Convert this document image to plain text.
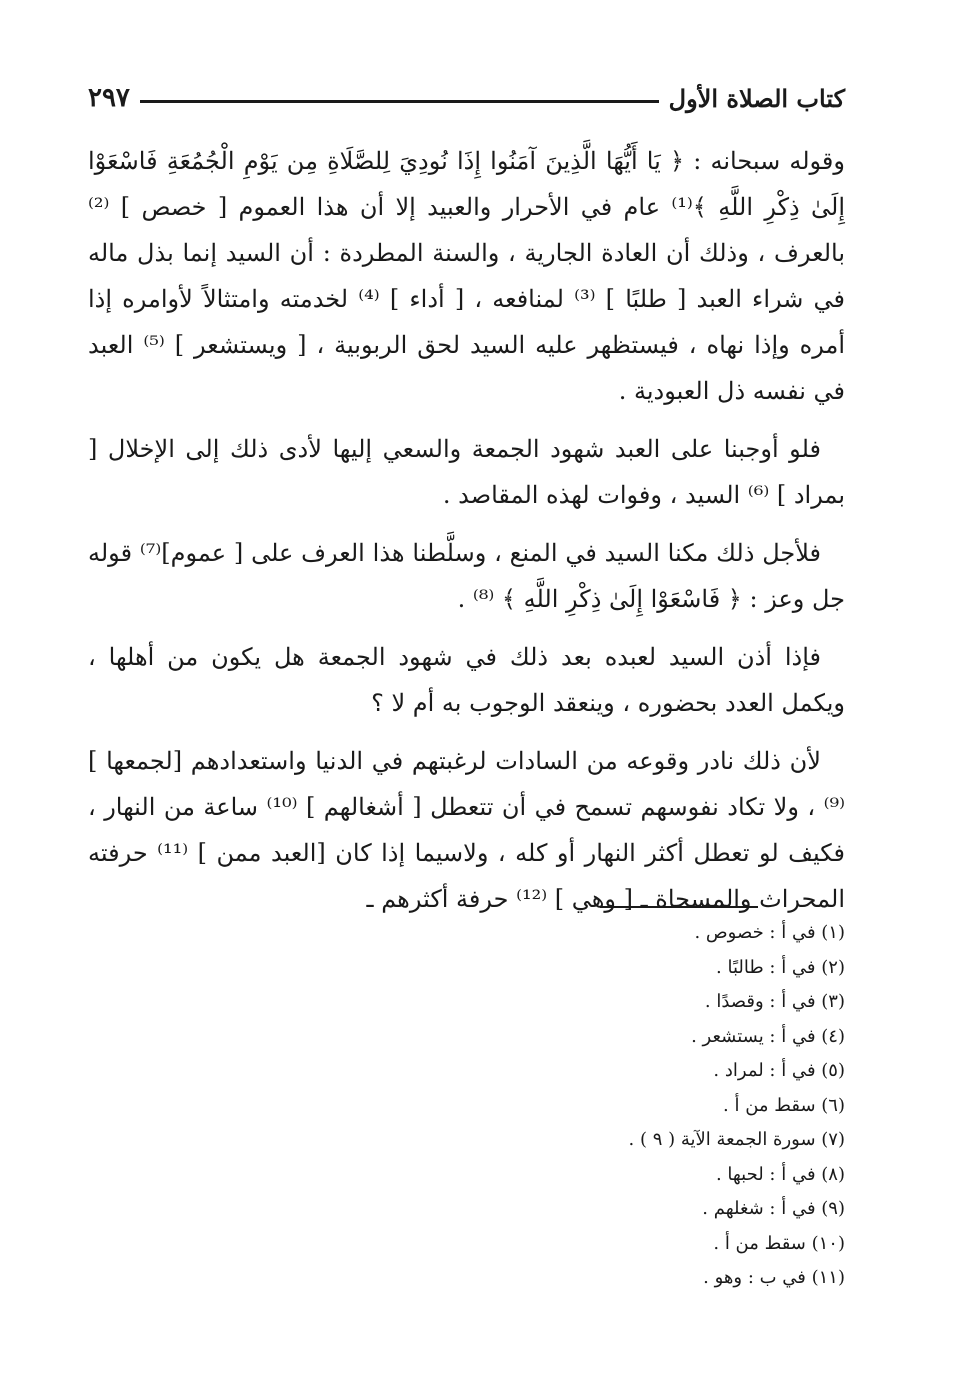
كتاب الصلاة الأول
٢٩٧

وقوله سبحانه : ﴿ يَا أَيُّهَا الَّذِينَ آمَنُوا إِذَا نُودِيَ لِلصَّلَاةِ مِن يَوْمِ الْجُمُعَةِ فَاسْعَوْا إِلَىٰ ذِكْرِ اللَّهِ ﴾⁽¹⁾ عام في الأحرار والعبيد إلا أن هذا العموم [ خصص ] ⁽²⁾ بالعرف ، وذلك أن العادة الجارية ، والسنة المطردة : أن السيد إنما بذل ماله في شراء العبد [ طلبًا ] ⁽³⁾ لمنافعه ، [ أداء ] ⁽⁴⁾ لخدمته وامتثالاً لأوامره إذا أمره وإذا نهاه ، فيستظهر عليه السيد لحق الربوبية ، [ ويستشعر ] ⁽⁵⁾ العبد في نفسه ذل العبودية .

فلو أوجبنا على العبد شهود الجمعة والسعي إليها لأدى ذلك إلى الإخلال [ بمراد ] ⁽⁶⁾ السيد ، وفوات لهذه المقاصد .

فلأجل ذلك مكنا السيد في المنع ، وسلَّطنا هذا العرف على [ عموم]⁽⁷⁾ قوله جل وعز : ﴿ فَاسْعَوْا إِلَىٰ ذِكْرِ اللَّهِ ﴾ ⁽⁸⁾ .

فإذا أذن السيد لعبده بعد ذلك في شهود الجمعة هل يكون من أهلها ، ويكمل العدد بحضوره ، وينعقد الوجوب به أم لا ؟

لأن ذلك نادر وقوعه من السادات لرغبتهم في الدنيا واستعدادهم [لجمعها ] ⁽⁹⁾ ، ولا تكاد نفوسهم تسمح في أن تتعطل [ أشغالهم ] ⁽¹⁰⁾ ساعة من النهار ، فكيف لو تعطل أكثر النهار أو كله ، ولاسيما إذا كان [العبد ممن ] ⁽¹¹⁾ حرفته المحراث والمسحاة ـ [ وهي ] ⁽¹²⁾ حرفة أكثرهم ـ

(١) في أ : خصوص .
(٢) في أ : طالبًا .
(٣) في أ : وقصدًا .
(٤) في أ : يستشعر .
(٥) في أ : لمراد .
(٦) سقط من أ .
(٧) سورة الجمعة الآية ( ٩ ) .
(٨) في أ : لحبها .
(٩) في أ : شغلهم .
(١٠) سقط من أ .
(١١) في ب : وهو .
